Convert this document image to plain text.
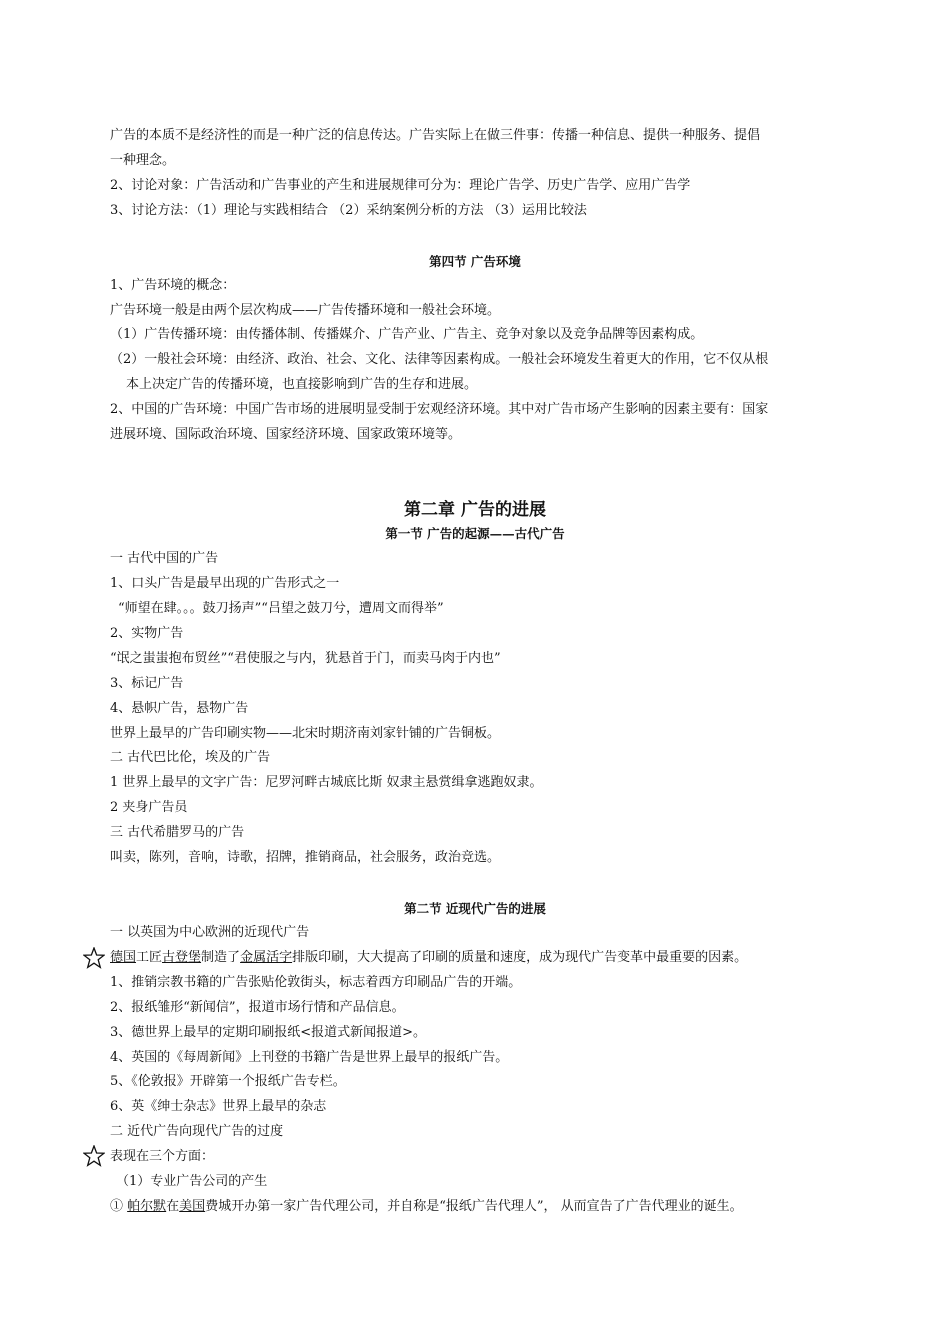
广告的本质不是经济性的而是一种广泛的信息传达。广告实际上在做三件事：传播一种信息、提供一种服务、提倡
一种理念。
2、讨论对象：广告活动和广告事业的产生和进展规律可分为：理论广告学、历史广告学、应用广告学
3、讨论方法：（1）理论与实践相结合 （2）采纳案例分析的方法 （3）运用比较法
第四节 广告环境
1、广告环境的概念：
广告环境一般是由两个层次构成——广告传播环境和一般社会环境。
（1）广告传播环境：由传播体制、传播媒介、广告产业、广告主、竞争对象以及竞争品牌等因素构成。
（2）一般社会环境：由经济、政治、社会、文化、法律等因素构成。一般社会环境发生着更大的作用，它不仅从根
本上决定广告的传播环境，也直接影响到广告的生存和进展。
2、中国的广告环境：中国广告市场的进展明显受制于宏观经济环境。其中对广告市场产生影响的因素主要有：国家
进展环境、国际政治环境、国家经济环境、国家政策环境等。
第二章 广告的进展
第一节 广告的起源——古代广告
一 古代中国的广告
1、口头广告是最早出现的广告形式之一
“师望在肆。。。鼓刀扬声”“吕望之鼓刀兮，遭周文而得举”
2、实物广告
“氓之蚩蚩抱布贸丝”“君使服之与内，犹悬首于门，而卖马肉于内也”
3、标记广告
4、悬帜广告，悬物广告
世界上最早的广告印刷实物——北宋时期济南刘家针铺的广告铜板。
二 古代巴比伦，埃及的广告
1 世界上最早的文字广告：尼罗河畔古城底比斯 奴隶主悬赏缉拿逃跑奴隶。
2 夹身广告员
三 古代希腊罗马的广告
叫卖，陈列，音响，诗歌，招牌，推销商品，社会服务，政治竞选。
第二节 近现代广告的进展
一 以英国为中心欧洲的近现代广告
德国工匠古登堡制造了金属活字排版印刷，大大提高了印刷的质量和速度，成为现代广告变革中最重要的因素。
1、推销宗教书籍的广告张贴伦敦街头，标志着西方印刷品广告的开端。
2、报纸雏形“新闻信”，报道市场行情和产品信息。
3、德世界上最早的定期印刷报纸<报道式新闻报道>。
4、英国的《每周新闻》上刊登的书籍广告是世界上最早的报纸广告。
5、《伦敦报》开辟第一个报纸广告专栏。
6、英《绅士杂志》世界上最早的杂志
二 近代广告向现代广告的过度
表现在三个方面：
（1）专业广告公司的产生
① 帕尔默在美国费城开办第一家广告代理公司，并自称是“报纸广告代理人”， 从而宣告了广告代理业的诞生。
